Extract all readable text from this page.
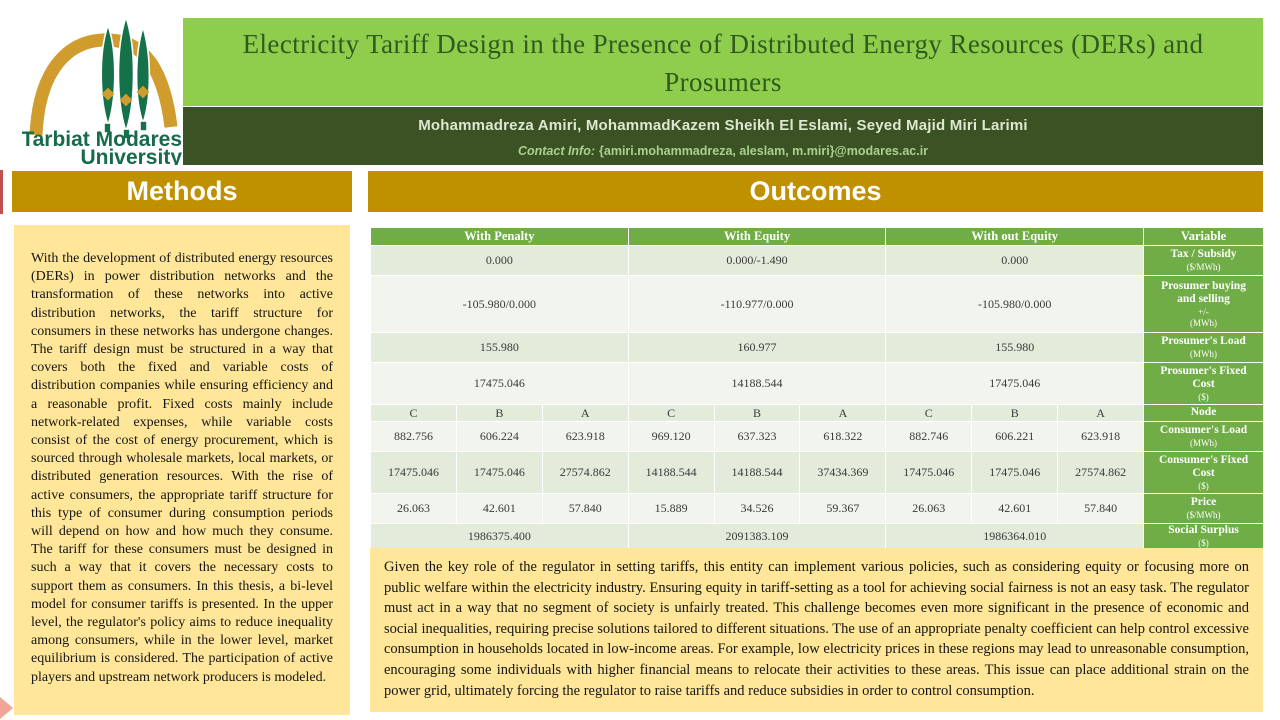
Tarbiat Modares
University
Electricity Tariff Design in the Presence of Distributed Energy Resources (DERs) and
Prosumers
Mohammadreza Amiri, MohammadKazem Sheikh El Eslami, Seyed Majid Miri Larimi
Contact Info: {amiri.mohammadreza, aleslam, m.miri}@modares.ac.ir
Methods	Outcomes
With the development of distributed energy resources (DERs) in power distribution networks and the transformation of these networks into active distribution networks, the tariff structure for consumers in these networks has undergone changes. The tariff design must be structured in a way that covers both the fixed and variable costs of distribution companies while ensuring efficiency and a reasonable profit. Fixed costs mainly include network-related expenses, while variable costs consist of the cost of energy procurement, which is sourced through wholesale markets, local markets, or distributed generation resources. With the rise of active consumers, the appropriate tariff structure for this type of consumer during consumption periods will depend on how and how much they consume. The tariff for these consumers must be designed in such a way that it covers the necessary costs to support them as consumers. In this thesis, a bi-level model for consumer tariffs is presented. In the upper level, the regulator's policy aims to reduce inequality among consumers, while in the lower level, market equilibrium is considered. The participation of active players and upstream network producers is modeled.
With Penalty			With Equity			With out Equity			Variable
0.000			0.000/-1.490			0.000			Tax / Subsidy
($/MWh)

-105.980/0.000			-110.977/0.000			-105.980/0.000			Prosumer buying
and selling
+/-
(MWh)

155.980			160.977			155.980			Prosumer's Load
(MWh)

17475.046			14188.544			17475.046			Prosumer's Fixed
Cost
($)

C	B	A	C	B	A	C	B	A	Node

882.756	606.224	623.918	969.120	637.323	618.322	882.746	606.221	623.918	Consumer's Load
(MWh)

17475.046	17475.046	27574.862	14188.544	14188.544	37434.369	17475.046	17475.046	27574.862	Consumer's Fixed
Cost
($)

26.063	42.601	57.840	15.889	34.526	59.367	26.063	42.601	57.840	Price
($/MWh)

1986375.400			2091383.109			1986364.010			Social Surplus
($)
Given the key role of the regulator in setting tariffs, this entity can implement various policies, such as considering equity or focusing more on public welfare within the electricity industry. Ensuring equity in tariff-setting as a tool for achieving social fairness is not an easy task. The regulator must act in a way that no segment of society is unfairly treated. This challenge becomes even more significant in the presence of economic and social inequalities, requiring precise solutions tailored to different situations. The use of an appropriate penalty coefficient can help control excessive consumption in households located in low-income areas. For example, low electricity prices in these regions may lead to unreasonable consumption, encouraging some individuals with higher financial means to relocate their activities to these areas. This issue can place additional strain on the power grid, ultimately forcing the regulator to raise tariffs and reduce subsidies in order to control consumption.
